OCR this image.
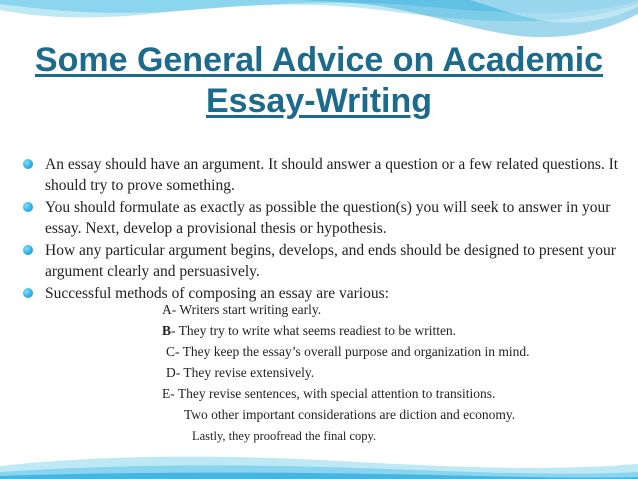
Some General Advice on Academic
Essay-Writing
An essay should have an argument. It should answer a question or a few related questions. It should try to prove something.
You should formulate as exactly as possible the question(s) you will seek to answer in your essay. Next, develop a provisional thesis or hypothesis.
How any particular argument begins, develops, and ends should be designed to present your argument clearly and persuasively.
Successful methods of composing an essay are various:
A- Writers start writing early.
B- They try to write what seems readiest to be written.
C- They keep the essay’s overall purpose and organization in mind.
D- They revise extensively.
E- They revise sentences, with special attention to transitions.
Two other important considerations are diction and economy.
Lastly, they proofread the final copy.
